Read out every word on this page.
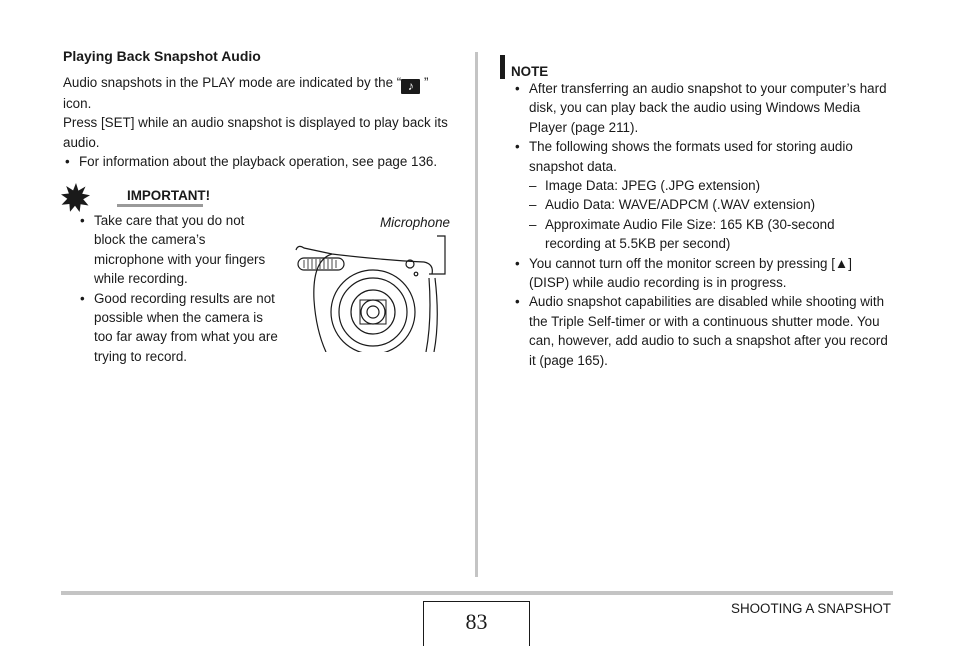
Playing Back Snapshot Audio

Audio snapshots in the PLAY mode are indicated by the “ ♪ ” icon.

Press [SET] while an audio snapshot is displayed to play back its audio.

• For information about the playback operation, see page 136.
IMPORTANT!
• Take care that you do not block the camera’s microphone with your fingers while recording.
• Good recording results are not possible when the camera is too far away from what you are trying to record.
Microphone
NOTE
• After transferring an audio snapshot to your computer’s hard disk, you can play back the audio using Windows Media Player (page 211).
• The following shows the formats used for storing audio snapshot data.
– Image Data: JPEG (.JPG extension)
– Audio Data: WAVE/ADPCM (.WAV extension)
– Approximate Audio File Size: 165 KB (30-second recording at 5.5KB per second)
• You cannot turn off the monitor screen by pressing [▲] (DISP) while audio recording is in progress.
• Audio snapshot capabilities are disabled while shooting with the Triple Self-timer or with a continuous shutter mode. You can, however, add audio to such a snapshot after you record it (page 165).
SHOOTING A SNAPSHOT
83
